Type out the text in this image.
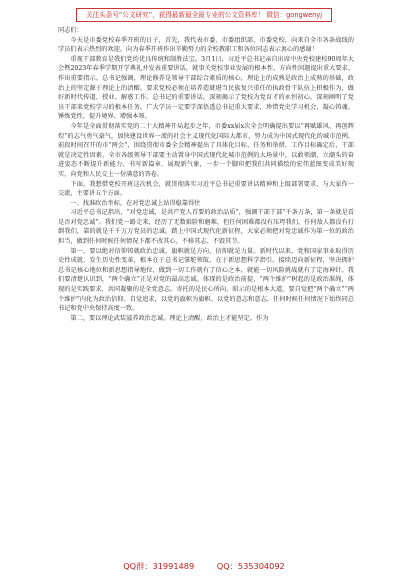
关注头条号“公文研究”，获得最新最全最专业的公文资料库！ 微信：gongwenyj

同志们：

今天是市委党校春季开班的日子，首先，我代表市委、市委组织部、市委党校，向来自全市各条战线的学员们表示热烈的欢迎，向为春季开班作出辛勤努力的全校教职工和各位同志表示衷心的感谢！

重视干部教育是我们党的优良传统和制胜法宝。3月1日，习近平总书记亲自出席中央党校建校90周年大会暨2023年春季学期开学典礼并发表重要讲话，就事关党校事业发展的根本性、方向性问题提出重大要求、作出重要指示。总书记强调，理论修养是领导干部综合素质的核心，理论上的成熟是政治上成熟的基础，政治上的坚定源于理论上的清醒。要求党校必须在培养造就堪当民族复兴重任的执政骨干队伍上积极作为，做好新时代传道、授业、解惑工作。总书记的重要讲话，深刻揭示了党校为党育才的永恒初心，深刻阐明了党员干部来党校学习的根本任务。广大学员一定要学深悟透总书记重大要求，珍惜党史学习机会，凝心铸魂、锤炼党性，提升境界、增强本领。

今年是全面贯彻落实党的二十大精神开局起步之年，市委xx届x次全会明确提出要以“再赋雄风、再创辉煌”的志气勇气豪气，加快建设世界一流的社会主义现代化国际大都市，努力成为中国式现代化的城市范例。前段时间召开的市“两会”，围绕贯彻市委全会精神提出了具体化目标、任务和举措，工作目标确定后，干部就是决定性因素。全市各级领导干部要主动置身中国式现代化城市范例的大场景中，以敢领潮、立潮头的奋进姿态不断提升新能力、书写新篇章、展现新气象，一步一个脚印把我们共同描绘的宏伟蓝图变成美好现实，向党和人民交上一份满意的答卷。

下面，我想借党校开班这次机会，就贯彻落实习近平总书记重要讲话精神和上级部署要求，与大家作一交流，主要讲五个方面。

一、找准政治坐标，在对党忠诚上站得稳靠得住

习近平总书记指出，“对党忠诚，是共产党人首要的政治品质”，强调干部干部“千条万条，第一条就是看是否对党忠诚”。我们党一路走来，经历了无数艰险和磨难，但任何困难都没有压垮我们，任何敌人都没有打倒我们，靠的就是千千万万党员的忠诚。踏上中国式现代化新征程，大家必须把对党忠诚作为第一位的政治担当，做到任何时候任何情况下都不改其心、不移其志、不毁其节。

第一，要以绝对信仰铸就政治忠诚。旗帜就是方向，信仰就是力量。新时代以来，党和国家事业取得历史性成就、发生历史性变革，根本在于总书记掌舵领航、在于新思想科学指引。接续迈向新征程，坚决拥护总书记核心地位和新思想指导地位，做到一切工作就有了信心之本，就能一切风险挑战就有了定海神针。我们要清楚认识到，“两个确立”正是对党的最高忠诚。体现的是政治前提，“两个维护”树起的是政治准绳，体现的是实践要求，共同凝聚的是全党意志。寄托的是民心所向，昭示的是根本大道，要自觉把“两个确立”“两个维护”内化为政治信仰、自觉追求，以党的旗帜为旗帜、以党的意志和意志，任何时候任何情况下始终同总书记和党中央保持高度一致。

第二，要以理论武装滋养政治忠诚。理论上清醒，政治上才能坚定。作为

QQ群：31991489	QQ：535304092
